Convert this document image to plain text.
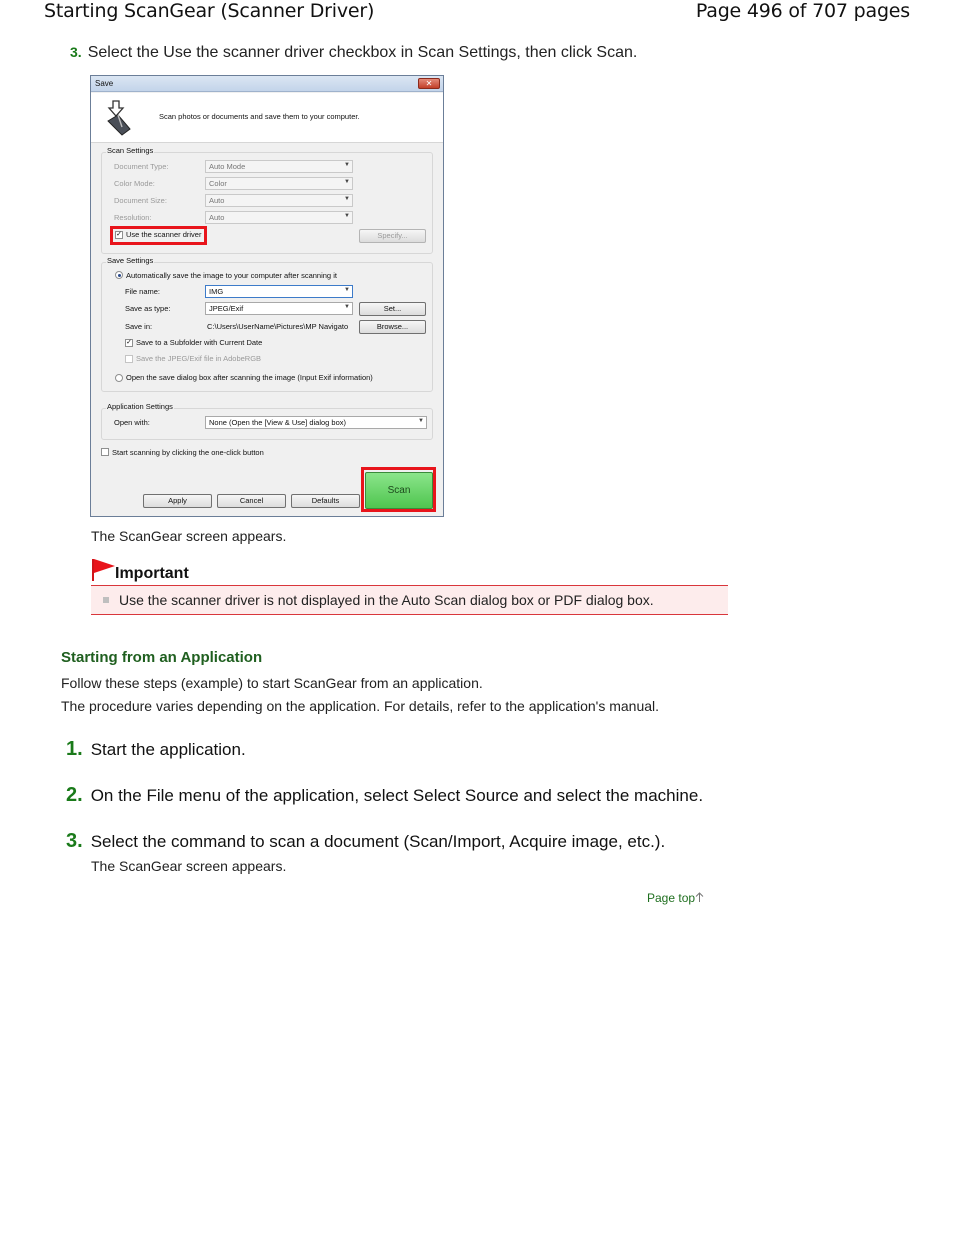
Starting ScanGear (Scanner Driver)	Page 496 of 707 pages
3. Select the Use the scanner driver checkbox in Scan Settings, then click Scan.
Save	✕
Scan photos or documents and save them to your computer.
Scan Settings
Document Type:	Auto Mode	▼
Color Mode:	Color	▼
Document Size:	Auto	▼
Resolution:	Auto	▼
✓ Use the scanner driver	Specify...
Save Settings
Automatically save the image to your computer after scanning it
File name:	IMG	▼
Save as type:	JPEG/Exif	▼	Set...
Save in:	C:\Users\UserName\Pictures\MP Navigato	Browse...
✓ Save to a Subfolder with Current Date
Save the JPEG/Exif file in AdobeRGB
Open the save dialog box after scanning the image (Input Exif information)
Application Settings
Open with:	None (Open the [View & Use] dialog box)	▼
Start scanning by clicking the one-click button
Apply	Cancel	Defaults
Scan
The ScanGear screen appears.
Important
Use the scanner driver is not displayed in the Auto Scan dialog box or PDF dialog box.
Starting from an Application
Follow these steps (example) to start ScanGear from an application.
The procedure varies depending on the application. For details, refer to the application's manual.
1. Start the application.
2. On the File menu of the application, select Select Source and select the machine.
3. Select the command to scan a document (Scan/Import, Acquire image, etc.).
The ScanGear screen appears.
Page top
